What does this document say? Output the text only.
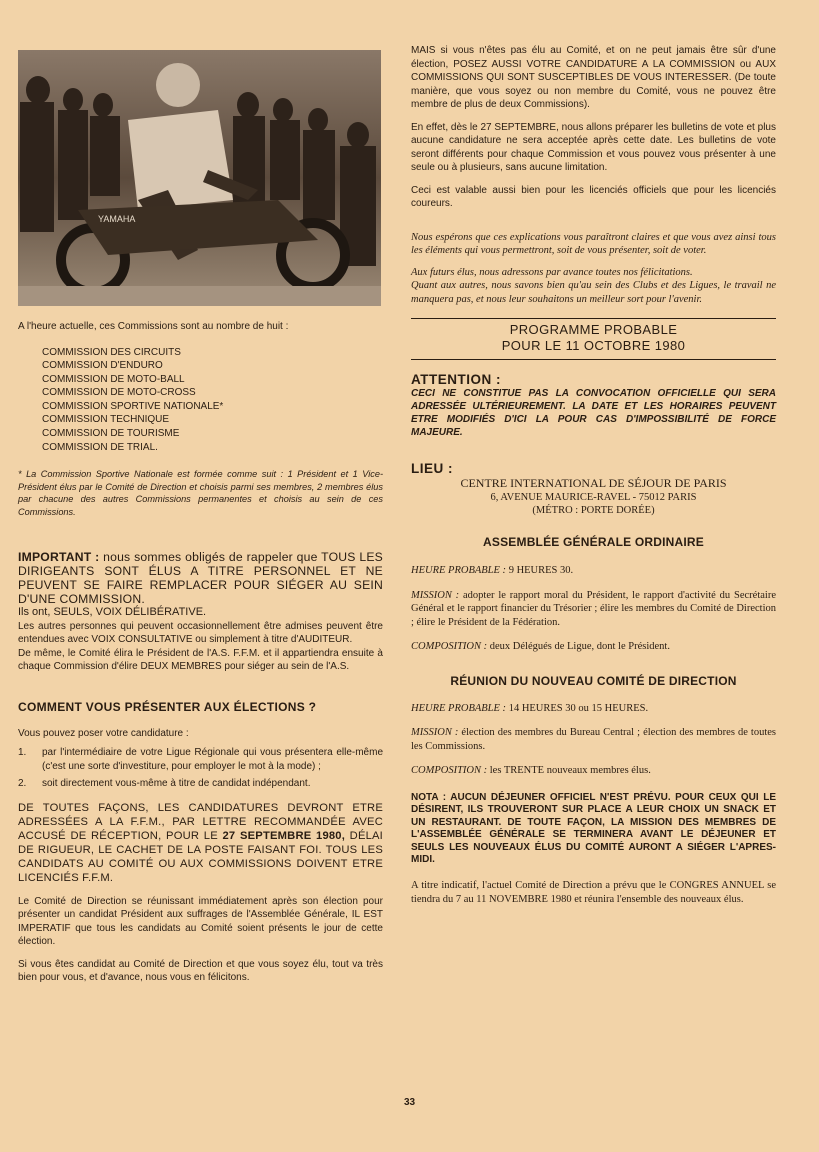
YAMAHA

A l'heure actuelle, ces Commissions sont au nombre de huit :

COMMISSION DES CIRCUITS
COMMISSION D'ENDURO
COMMISSION DE MOTO-BALL
COMMISSION DE MOTO-CROSS
COMMISSION SPORTIVE NATIONALE*
COMMISSION TECHNIQUE
COMMISSION DE TOURISME
COMMISSION DE TRIAL.

* La Commission Sportive Nationale est formée comme suit : 1 Président et 1 Vice-Président élus par le Comité de Direction et choisis parmi ses membres, 2 membres élus par chacune des autres Commissions permanentes et choisis au sein de ces Commissions.

IMPORTANT : nous sommes obligés de rappeler que TOUS LES DIRIGEANTS SONT ÉLUS A TITRE PERSONNEL ET NE PEUVENT SE FAIRE REMPLACER POUR SIÉGER AU SEIN D'UNE COMMISSION.

Ils ont, SEULS, VOIX DÉLIBÉRATIVE.

Les autres personnes qui peuvent occasionnellement être admises peuvent être entendues avec VOIX CONSULTATIVE ou simplement à titre d'AUDITEUR.

De même, le Comité élira le Président de l'A.S. F.F.M. et il appartiendra ensuite à chaque Commission d'élire DEUX MEMBRES pour siéger au sein de l'A.S.

COMMENT VOUS PRÉSENTER AUX ÉLECTIONS ?

Vous pouvez poser votre candidature :

1.	par l'intermédiaire de votre Ligue Régionale qui vous présentera elle-même (c'est une sorte d'investiture, pour employer le mot à la mode) ;
2.	soit directement vous-même à titre de candidat indépendant.

DE TOUTES FAÇONS, LES CANDIDATURES DEVRONT ETRE ADRESSÉES A LA F.F.M., PAR LETTRE RECOMMANDÉE AVEC ACCUSÉ DE RÉCEPTION, POUR LE 27 SEPTEMBRE 1980, DÉLAI DE RIGUEUR, LE CACHET DE LA POSTE FAISANT FOI. TOUS LES CANDIDATS AU COMITÉ OU AUX COMMISSIONS DOIVENT ETRE LICENCIÉS F.F.M.

Le Comité de Direction se réunissant immédiatement après son élection pour présenter un candidat Président aux suffrages de l'Assemblée Générale, IL EST IMPERATIF que tous les candidats au Comité soient présents le jour de cette élection.

Si vous êtes candidat au Comité de Direction et que vous soyez élu, tout va très bien pour vous, et d'avance, nous vous en félicitons.

MAIS si vous n'êtes pas élu au Comité, et on ne peut jamais être sûr d'une élection, POSEZ AUSSI VOTRE CANDIDATURE A LA COMMISSION ou AUX COMMISSIONS QUI SONT SUSCEPTIBLES DE VOUS INTERESSER. (De toute manière, que vous soyez ou non membre du Comité, vous ne pouvez être membre de plus de deux Commissions).

En effet, dès le 27 SEPTEMBRE, nous allons préparer les bulletins de vote et plus aucune candidature ne sera acceptée après cette date. Les bulletins de vote seront différents pour chaque Commission et vous pouvez vous présenter à une seule ou à plusieurs, sans aucune limitation.

Ceci est valable aussi bien pour les licenciés officiels que pour les licenciés coureurs.

Nous espérons que ces explications vous paraîtront claires et que vous avez ainsi tous les éléments qui vous permettront, soit de vous présenter, soit de voter.

Aux futurs élus, nous adressons par avance toutes nos félicitations.

Quant aux autres, nous savons bien qu'au sein des Clubs et des Ligues, le travail ne manquera pas, et nous leur souhaitons un meilleur sort pour l'avenir.

PROGRAMME PROBABLE
POUR LE 11 OCTOBRE 1980

ATTENTION :

CECI NE CONSTITUE PAS LA CONVOCATION OFFICIELLE QUI SERA ADRESSÉE ULTÉRIEUREMENT. LA DATE ET LES HORAIRES PEUVENT ETRE MODIFIÉS D'ICI LA POUR CAS D'IMPOSSIBILITÉ DE FORCE MAJEURE.

LIEU :

CENTRE INTERNATIONAL DE SÉJOUR DE PARIS
6, AVENUE MAURICE-RAVEL - 75012 PARIS
(MÉTRO : PORTE DORÉE)

ASSEMBLÉE GÉNÉRALE ORDINAIRE

HEURE PROBABLE : 9 HEURES 30.

MISSION : adopter le rapport moral du Président, le rapport d'activité du Secrétaire Général et le rapport financier du Trésorier ; élire les membres du Comité de Direction ; élire le Président de la Fédération.

COMPOSITION : deux Délégués de Ligue, dont le Président.

RÉUNION DU NOUVEAU COMITÉ DE DIRECTION

HEURE PROBABLE : 14 HEURES 30 ou 15 HEURES.

MISSION : élection des membres du Bureau Central ; élection des membres de toutes les Commissions.

COMPOSITION : les TRENTE nouveaux membres élus.

NOTA : AUCUN DÉJEUNER OFFICIEL N'EST PRÉVU. POUR CEUX QUI LE DÉSIRENT, ILS TROUVERONT SUR PLACE A LEUR CHOIX UN SNACK ET UN RESTAURANT. DE TOUTE FAÇON, LA MISSION DES MEMBRES DE L'ASSEMBLÉE GÉNÉRALE SE TERMINERA AVANT LE DÉJEUNER ET SEULS LES NOUVEAUX ÉLUS DU COMITÉ AURONT A SIÉGER L'APRES-MIDI.

A titre indicatif, l'actuel Comité de Direction a prévu que le CONGRES ANNUEL se tiendra du 7 au 11 NOVEMBRE 1980 et réunira l'ensemble des nouveaux élus.

33
